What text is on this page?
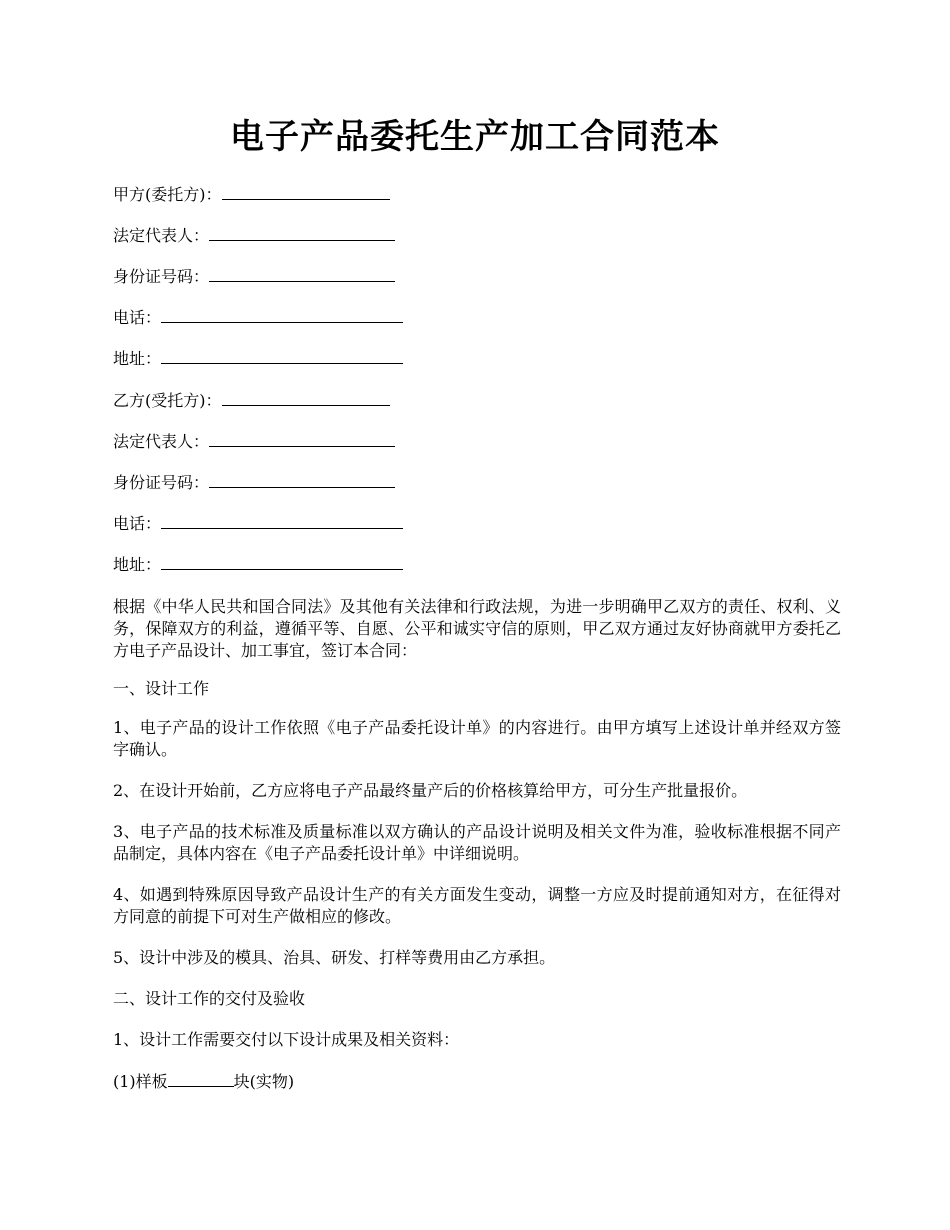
电子产品委托生产加工合同范本
甲方(委托方)：
法定代表人：
身份证号码：
电话：
地址：
乙方(受托方)：
法定代表人：
身份证号码：
电话：
地址：
根据《中华人民共和国合同法》及其他有关法律和行政法规，为进一步明确甲乙双方的责任、权利、义务，保障双方的利益，遵循平等、自愿、公平和诚实守信的原则，甲乙双方通过友好协商就甲方委托乙方电子产品设计、加工事宜，签订本合同：
一、设计工作
1、电子产品的设计工作依照《电子产品委托设计单》的内容进行。由甲方填写上述设计单并经双方签字确认。
2、在设计开始前，乙方应将电子产品最终量产后的价格核算给甲方，可分生产批量报价。
3、电子产品的技术标准及质量标准以双方确认的产品设计说明及相关文件为准，验收标准根据不同产品制定，具体内容在《电子产品委托设计单》中详细说明。
4、如遇到特殊原因导致产品设计生产的有关方面发生变动，调整一方应及时提前通知对方，在征得对方同意的前提下可对生产做相应的修改。
5、设计中涉及的模具、治具、研发、打样等费用由乙方承担。
二、设计工作的交付及验收
1、设计工作需要交付以下设计成果及相关资料：
(1)样板	块(实物)
